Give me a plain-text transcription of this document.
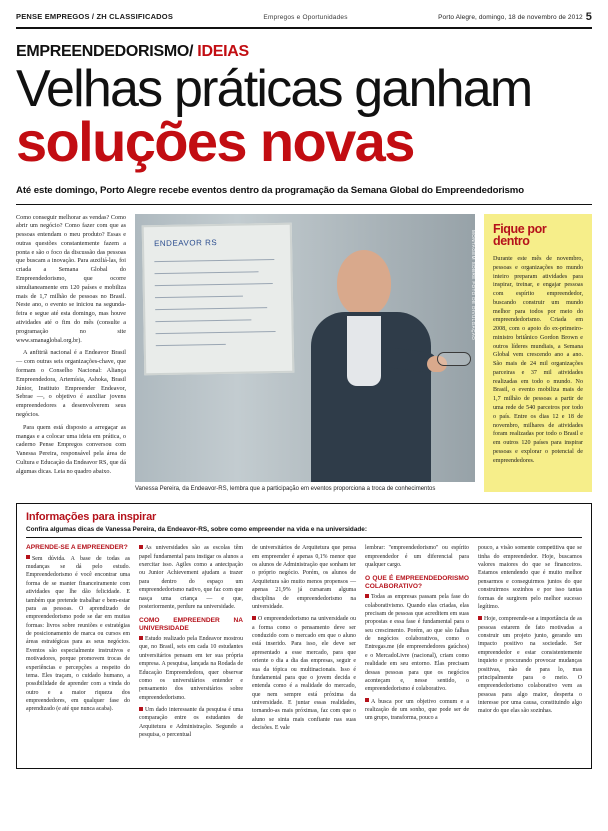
PENSE EMPREGOS / ZH CLASSIFICADOS	Empregos e Oportunidades	Porto Alegre, domingo, 18 de novembro de 2012 5
EMPREENDEDORISMO/ IDEIAS
Velhas práticas ganham
soluções novas
Até este domingo, Porto Alegre recebe eventos dentro da programação da Semana Global do Empreendedorismo

Como conseguir melhorar as vendas? Como abrir um negócio? Como fazer com que as pessoas entendam o meu produto? Essas e outras questões constantemente fazem a ponta e são o foco da discussão das pessoas que buscam a inovação. Para auxiliá-las, foi criada a Semana Global do Empreendedorismo, que ocorre simultaneamente em 120 países e mobiliza mais de 1,7 milhão de pessoas no Brasil. Neste ano, o evento se iniciou na segunda-feira e segue até esta domingo, mas houve atividades até o fim do mês (consulte a programação no site www.smanaglobal.org.br).

A anfitriã nacional é a Endeavor Brasil — com outras seis organizações-chave, que formam o Conselho Nacional: Aliança Empreendedora, Artemísia, Ashoka, Brasil Júnior, Instituto Empreender Endeavor, Sebrae —, o objetivo é auxiliar jovens empreendedores a desenvolverem seus negócios.

Para quem está disposto a arregaçar as mangas e a colocar uma ideia em prática, o caderno Pense Empregos conversou com Vanessa Pereira, responsável pela área de Cultura e Educação da Endeavor RS, que dá algumas dicas. Leia no quadro abaixo.

ENDEAVOR RS	MONTAGEM SOBRE FOTO DE DIVULGAÇÃO
Vanessa Pereira, da Endeavor-RS, lembra que a participação em eventos proporciona a troca de conhecimentos
Fique por dentro

Durante este mês de novembro, pessoas e organizações no mundo inteiro preparam atividades para inspirar, treinar, e engajar pessoas com espírito empreendedor, buscando construir um mundo melhor para todos por meio do empreendedorismo. Criada em 2008, com o apoio do ex-primeiro-ministro britânico Gordon Brown e outros líderes mundiais, a Semana Global vem crescendo ano a ano. São mais de 24 mil organizações parceiras e 37 mil atividades realizadas em todo o mundo. No Brasil, o evento mobiliza mais de 1,7 milhão de pessoas a partir de uma rede de 540 parceiros por todo o país. Entre os dias 12 e 18 de novembro, milhares de atividades foram realizadas por todo o Brasil e em outros 120 países para inspirar pessoas e explorar o potencial de empreendedores.

Informações para inspirar
Confira algumas dicas de Vanessa Pereira, da Endeavor-RS, sobre como empreender na vida e na universidade:
APRENDE-SE A EMPREENDER?

Sem dúvida. A base de todas as mudanças se dá pelo estudo. Empreendedorismo é você encontrar uma forma de se manter financeiramente com atividades que lhe dão felicidade. E também que pretende trabalhar e bem-estar para as pessoas. O aprendizado de empreendedorismo pode se dar em muitas formas: livros sobre reuniões e estratégias de posicionamento de marca ou cursos em áreas estratégicas para as seus negócios. Eventos são especialmente instrutivos e motivadores, porque promovem trocas de experiências e percepções a respeito do tema. Eles traçam, o cuidado humano, a possibilidade de aprender com a vinda do outro e a maior riqueza dos empreendedores, em qualquer fase do aprendizado (e até que nunca acaba).

As universidades são as escolas têm papel fundamental para instigar os alunos a exercitar isso. Agiles como a antecipação ou Junior Achievement ajudam a trazer para dentro do espaço um empreendedorismo nativo, que faz com que nasça uma criança — e que, posteriormente, perdure na universidade.

COMO EMPREENDER NA UNIVERSIDADE

Estudo realizado pela Endeavor mostrou que, no Brasil, seis em cada 10 estudantes universitários pensam em ter sua própria empresa. A pesquisa, lançada na Rodada de Educação Empreendedora, quer observar como os universitários entender e pensamento dos universitários sobre empreendedorismo.

Um dado interessante da pesquisa é uma comparação entre os estudantes de Arquitetura e Administração. Segundo a pesquisa, o percentual

de universitários de Arquitetura que pensa em empreender é apenas 0,1% menor que os alunos de Administração que sonham ter o próprio negócio. Porém, os alunos de Arquitetura são muito menos propensos — apenas 21,9% já cursaram alguma disciplina de empreendedorismo na universidade.

O empreendedorismo na universidade ou a forma como o pensamento deve ser conduzido com o mercado em que o aluno está inserido. Para isso, ele deve ser apresentado a esse mercado, para que oriente o dia a dia das empresas, seguir e sua da tópica ou multinacionais. Isso é fundamental para que o jovem decida e entenda como é a realidade do mercado, que nem sempre está próxima da universidade. E juntar essas realidades, tornando-as mais próximas, faz com que o aluno se sinta mais confiante nas suas decisões. E vale

lembrar: "empreendedorismo" ou espírito empreendedor é um diferencial para qualquer cargo.

O QUE É EMPREENDEDORISMO COLABORATIVO?

Todas as empresas passam pela fase do colaborativismo. Quando elas criadas, elas precisam de pessoas que acreditem em suas propostas e essa fase é fundamental para o seu crescimento. Porém, ao que são falhas de negócios colaborativos, como o Entregas.me (de empreendedores gaúchos) e o MercadoLivre (nacional), criam como realidade em seu entorno. Elas precisam dessas pessoas para que os negócios aconteçam e, nesse sentido, o empreendedorismo é colaborativo.

A busca por um objetivo comum e a realização de um sonho, que pode ser de um grupo, transforma, pouco a

pouco, a visão somente competitiva que se tinha do empreendedor. Hoje, buscamos valores maiores do que se financeiros. Estamos entendendo que é muito melhor pensarmos e conseguirmos juntos do que construirmos sozinhos e por isso tantas formas de surgirem pelo melhor sucesso legítimo.

Hoje, compreende-se a importância de as pessoas estarem de fato motivadas a construir um projeto junto, gerando um impacto positivo na sociedade. Ser empreendedor e estar consistentemente inquieto e procurando provocar mudanças positivas, não de para lo, mas principalmente para o meio. O empreendedorismo colaborativo vem as pessoas para algo maior, desperta o interesse por uma causa, constituindo algo maior do que elas são sozinhas.
